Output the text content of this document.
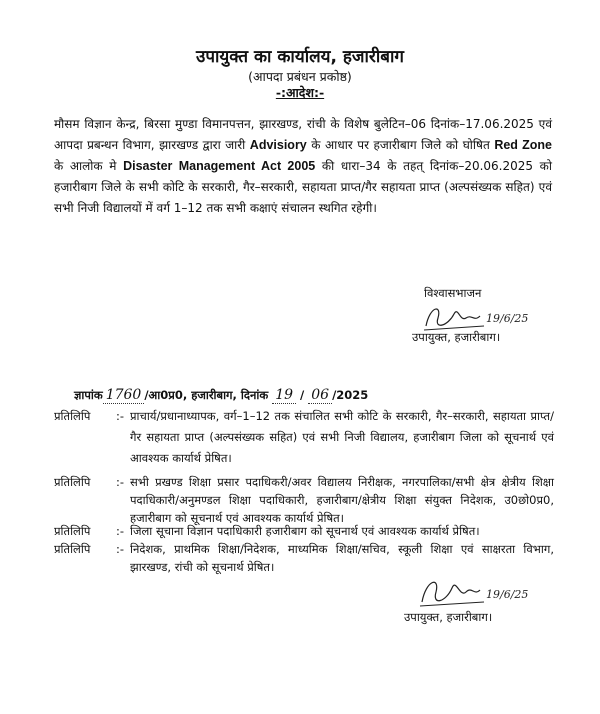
उपायुक्त का कार्यालय, हजारीबाग
(आपदा प्रबंधन प्रकोष्ठ)
-:आदेश:-
मौसम विज्ञान केन्द्र, बिरसा मुण्डा विमानपत्तन, झारखण्ड, रांची के विशेष बुलेटिन–06 दिनांक–17.06.2025 एवं आपदा प्रबन्धन विभाग, झारखण्ड द्वारा जारी Advisiory के आधार पर हजारीबाग जिले को घोषित Red Zone के आलोक मे Disaster Management Act 2005 की धारा–34 के तहत् दिनांक–20.06.2025 को हजारीबाग जिले के सभी कोटि के सरकारी, गैर–सरकारी, सहायता प्राप्त/गैर सहायता प्राप्त (अल्पसंख्यक सहित) एवं सभी निजी विद्यालयों में वर्ग 1–12 तक सभी कक्षाएं संचालन स्थगित रहेगी।
विश्वासभाजन
19/6/25
उपायुक्त, हजारीबाग।
ज्ञापांक 1760 /आ0प्र0, हजारीबाग, दिनांक 19 / 06 /2025
प्रतिलिपि	:- प्राचार्य/प्रधानाध्यापक, वर्ग–1–12 तक संचालित सभी कोटि के सरकारी, गैर–सरकारी, सहायता प्राप्त/गैर सहायता प्राप्त (अल्पसंख्यक सहित) एवं सभी निजी विद्यालय, हजारीबाग जिला को सूचनार्थ एवं आवश्यक कार्यार्थ प्रेषित।
प्रतिलिपि	:- सभी प्रखण्ड शिक्षा प्रसार पदाधिकरी/अवर विद्यालय निरीक्षक, नगरपालिका/सभी क्षेत्र क्षेत्रीय शिक्षा पदाधिकारी/अनुमण्डल शिक्षा पदाधिकारी, हजारीबाग/क्षेत्रीय शिक्षा संयुक्त निदेशक, उ0छो0प्र0, हजारीबाग को सूचनार्थ एवं आवश्यक कार्यार्थ प्रेषित।
प्रतिलिपि	:- जिला सूचाना विज्ञान पदाधिकारी हजारीबाग को सूचनार्थ एवं आवश्यक कार्यार्थ प्रेषित।
प्रतिलिपि	:- निदेशक, प्राथमिक शिक्षा/निदेशक, माध्यमिक शिक्षा/सचिव, स्कूली शिक्षा एवं साक्षरता विभाग, झारखण्ड, रांची को सूचनार्थ प्रेषित।
19/6/25
उपायुक्त, हजारीबाग।
